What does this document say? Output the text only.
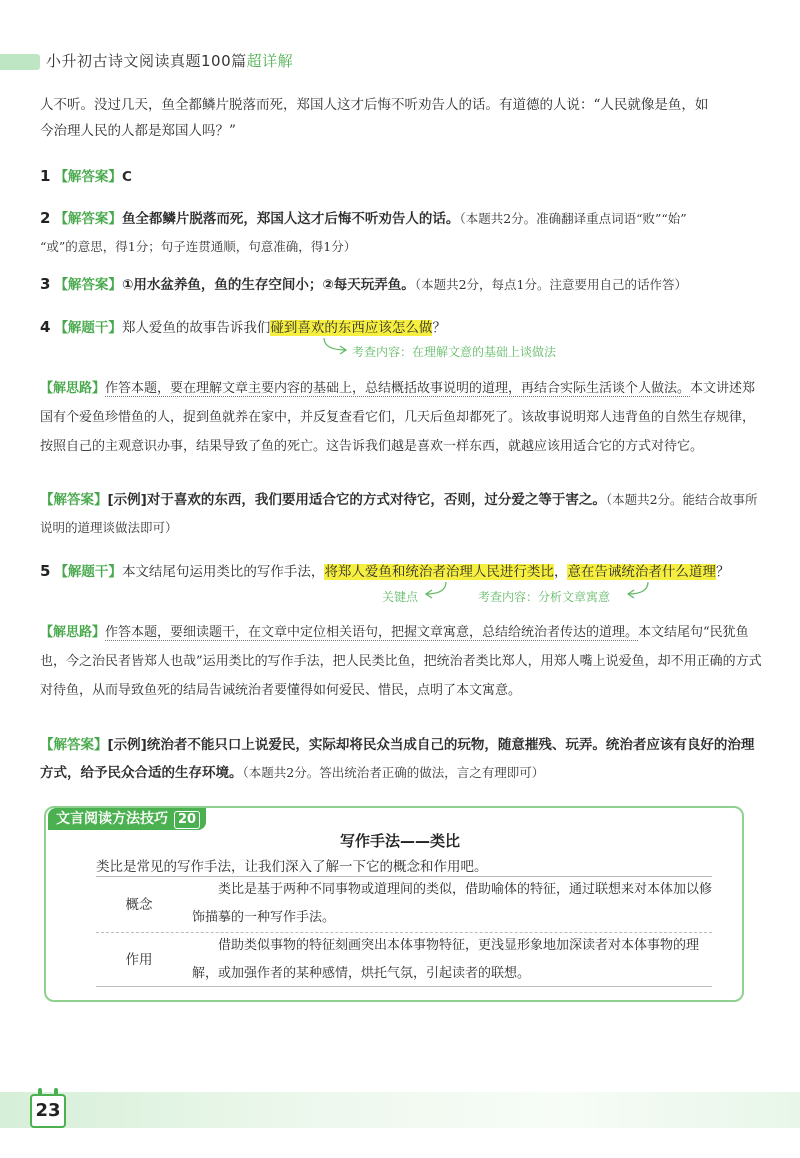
小升初古诗文阅读真题100篇超详解
人不听。没过几天，鱼全都鳞片脱落而死，郑国人这才后悔不听劝告人的话。有道德的人说：“人民就像是鱼，如
今治理人民的人都是郑国人吗？”
1 【解答案】C
2 【解答案】鱼全都鳞片脱落而死，郑国人这才后悔不听劝告人的话。（本题共2分。准确翻译重点词语“败”“始”
“或”的意思，得1分；句子连贯通顺，句意准确，得1分）
3 【解答案】①用水盆养鱼，鱼的生存空间小；②每天玩弄鱼。（本题共2分，每点1分。注意要用自己的话作答）
4 【解题干】郑人爱鱼的故事告诉我们碰到喜欢的东西应该怎么做？
考查内容：在理解文意的基础上谈做法
【解思路】作答本题，要在理解文章主要内容的基础上，总结概括故事说明的道理，再结合实际生活谈个人做法。本文讲述郑国有个爱鱼珍惜鱼的人，捉到鱼就养在家中，并反复查看它们，几天后鱼却都死了。该故事说明郑人违背鱼的自然生存规律，按照自己的主观意识办事，结果导致了鱼的死亡。这告诉我们越是喜欢一样东西，就越应该用适合它的方式对待它。
【解答案】[示例]对于喜欢的东西，我们要用适合它的方式对待它，否则，过分爱之等于害之。（本题共2分。能结合故事所说明的道理谈做法即可）
5 【解题干】本文结尾句运用类比的写作手法，将郑人爱鱼和统治者治理人民进行类比，意在告诫统治者什么道理？
关键点	考查内容：分析文章寓意
【解思路】作答本题，要细读题干，在文章中定位相关语句，把握文章寓意，总结给统治者传达的道理。本文结尾句“民犹鱼也，今之治民者皆郑人也哉”运用类比的写作手法，把人民类比鱼，把统治者类比郑人，用郑人嘴上说爱鱼，却不用正确的方式对待鱼，从而导致鱼死的结局告诫统治者要懂得如何爱民、惜民，点明了本文寓意。
【解答案】[示例]统治者不能只口上说爱民，实际却将民众当成自己的玩物，随意摧残、玩弄。统治者应该有良好的治理方式，给予民众合适的生存环境。（本题共2分。答出统治者正确的做法，言之有理即可）
文言阅读方法技巧 20
写作手法——类比
类比是常见的写作手法，让我们深入了解一下它的概念和作用吧。
概念
类比是基于两种不同事物或道理间的类似，借助喻体的特征，通过联想来对本体加以修饰描摹的一种写作手法。
作用
借助类似事物的特征刻画突出本体事物特征，更浅显形象地加深读者对本体事物的理解，或加强作者的某种感情，烘托气氛，引起读者的联想。
23
